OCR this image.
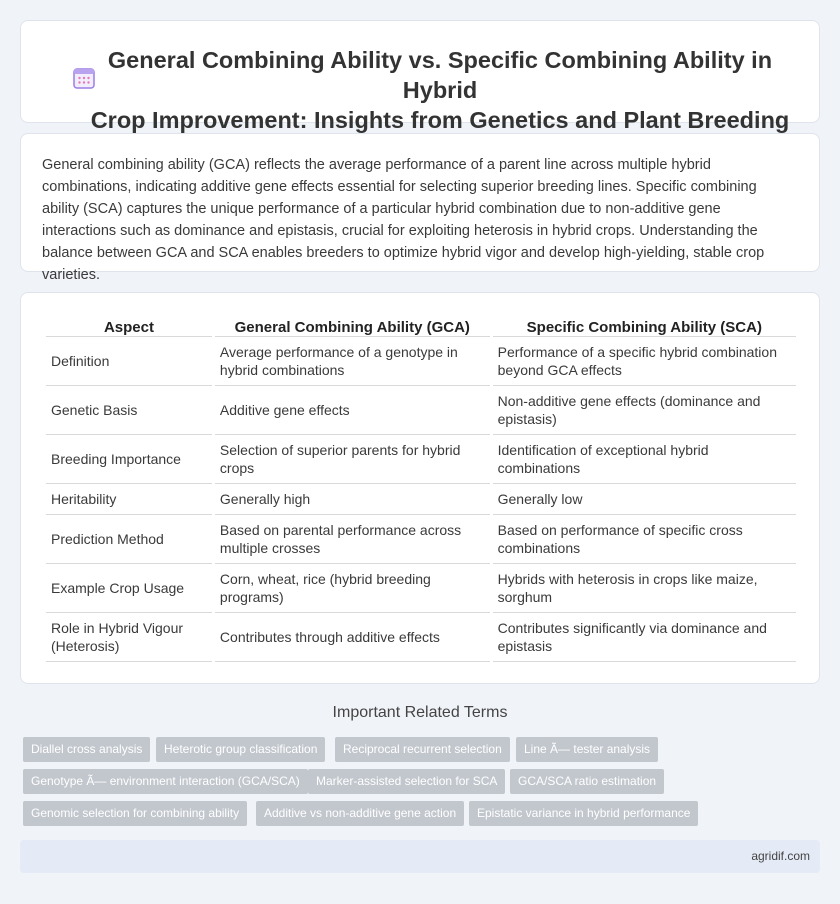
General Combining Ability vs. Specific Combining Ability in Hybrid
Crop Improvement: Insights from Genetics and Plant Breeding

General combining ability (GCA) reflects the average performance of a parent line across multiple hybrid combinations, indicating additive gene effects essential for selecting superior breeding lines. Specific combining ability (SCA) captures the unique performance of a particular hybrid combination due to non-additive gene interactions such as dominance and epistasis, crucial for exploiting heterosis in hybrid crops. Understanding the balance between GCA and SCA enables breeders to optimize hybrid vigor and develop high-yielding, stable crop varieties.

Aspect	General Combining Ability (GCA)	Specific Combining Ability (SCA)
Definition	Average performance of a genotype in hybrid combinations	Performance of a specific hybrid combination beyond GCA effects
Genetic Basis	Additive gene effects	Non-additive gene effects (dominance and epistasis)
Breeding Importance	Selection of superior parents for hybrid crops	Identification of exceptional hybrid combinations
Heritability	Generally high	Generally low
Prediction Method	Based on parental performance across multiple crosses	Based on performance of specific cross combinations
Example Crop Usage	Corn, wheat, rice (hybrid breeding programs)	Hybrids with heterosis in crops like maize, sorghum
Role in Hybrid Vigour (Heterosis)	Contributes through additive effects	Contributes significantly via dominance and epistasis
Important Related Terms
Diallel cross analysis	Heterotic group classification	Reciprocal recurrent selection	Line Ã— tester analysis
Genotype Ã— environment interaction (GCA/SCA)	Marker-assisted selection for SCA	GCA/SCA ratio estimation
Genomic selection for combining ability	Additive vs non-additive gene action	Epistatic variance in hybrid performance
agridif.com
